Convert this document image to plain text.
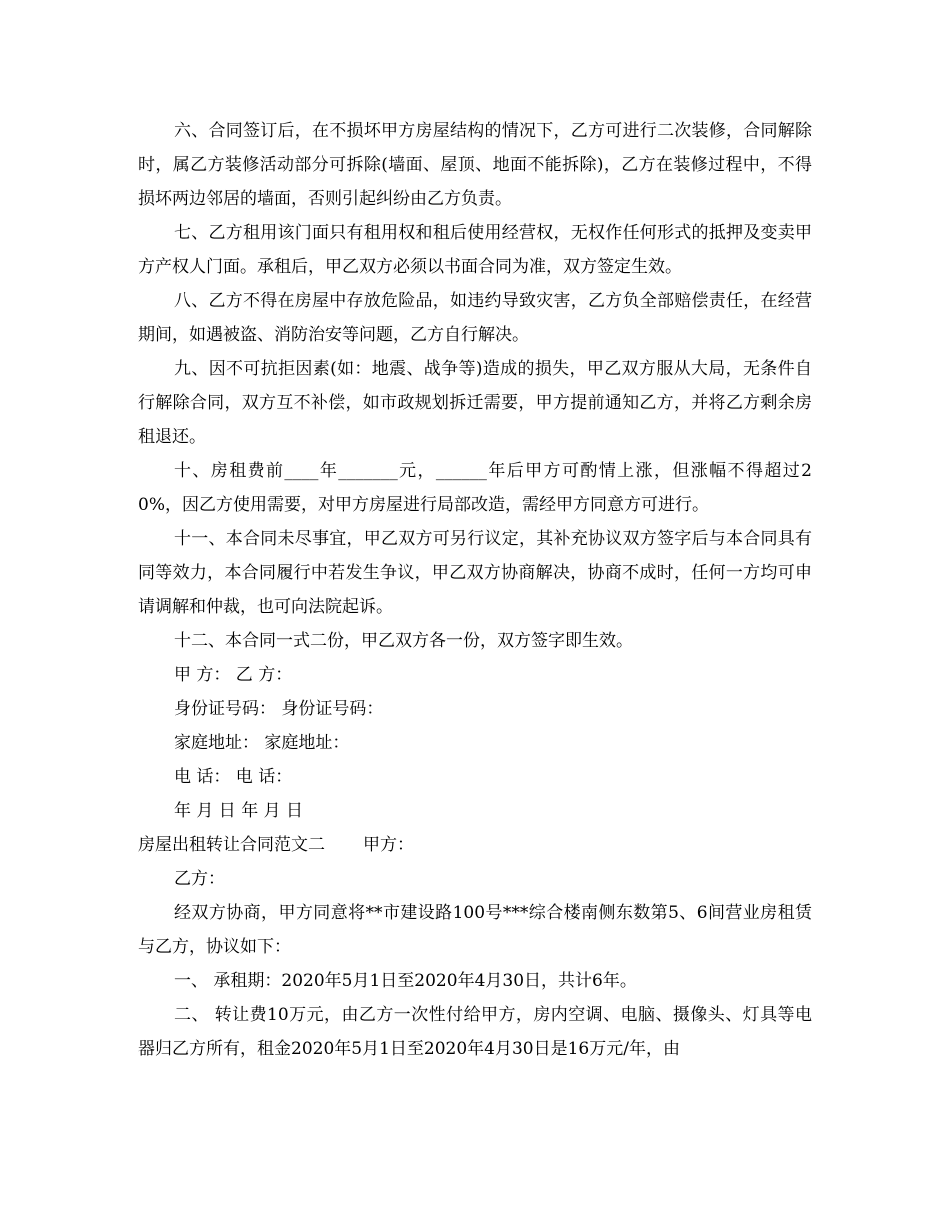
六、合同签订后，在不损坏甲方房屋结构的情况下，乙方可进行二次装修，合同解除时，属乙方装修活动部分可拆除(墙面、屋顶、地面不能拆除)，乙方在装修过程中，不得损坏两边邻居的墙面，否则引起纠纷由乙方负责。

七、乙方租用该门面只有租用权和租后使用经营权，无权作任何形式的抵押及变卖甲方产权人门面。承租后，甲乙双方必须以书面合同为准，双方签定生效。

八、乙方不得在房屋中存放危险品，如违约导致灾害，乙方负全部赔偿责任，在经营期间，如遇被盗、消防治安等问题，乙方自行解决。

九、因不可抗拒因素(如：地震、战争等)造成的损失，甲乙双方服从大局，无条件自行解除合同，双方互不补偿，如市政规划拆迁需要，甲方提前通知乙方，并将乙方剩余房租退还。

十、房租费前____年_______元，______年后甲方可酌情上涨，但涨幅不得超过20%，因乙方使用需要，对甲方房屋进行局部改造，需经甲方同意方可进行。

十一、本合同未尽事宜，甲乙双方可另行议定，其补充协议双方签字后与本合同具有同等效力，本合同履行中若发生争议，甲乙双方协商解决，协商不成时，任何一方均可申请调解和仲裁，也可向法院起诉。

十二、本合同一式二份，甲乙双方各一份，双方签字即生效。

甲 方： 乙 方：
身份证号码： 身份证号码：
家庭地址： 家庭地址：
电 话： 电 话：
年 月 日 年 月 日
房屋出租转让合同范文二 甲方：
乙方：

经双方协商，甲方同意将**市建设路100号***综合楼南侧东数第5、6间营业房租赁与乙方，协议如下：

一、 承租期：2020年5月1日至2020年4月30日，共计6年。

二、 转让费10万元，由乙方一次性付给甲方，房内空调、电脑、摄像头、灯具等电器归乙方所有，租金2020年5月1日至2020年4月30日是16万元/年，由
